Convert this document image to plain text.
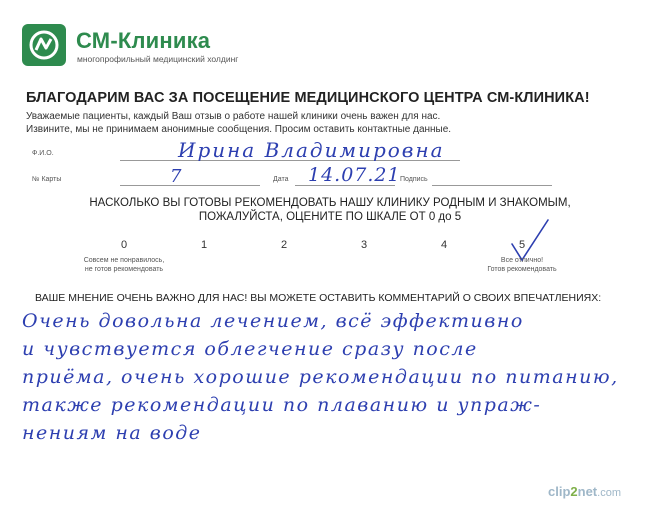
СМ-Клиника
многопрофильный медицинский холдинг
БЛАГОДАРИМ ВАС ЗА ПОСЕЩЕНИЕ МЕДИЦИНСКОГО ЦЕНТРА СМ-КЛИНИКА!
Уважаемые пациенты, каждый Ваш отзыв о работе нашей клиники очень важен для нас.
Извините, мы не принимаем анонимные сообщения. Просим оставить контактные данные.
Ф.И.О.	Ирина Владимировна
№ Карты	7	Дата 14.07.21 Подпись
НАСКОЛЬКО ВЫ ГОТОВЫ РЕКОМЕНДОВАТЬ НАШУ КЛИНИКУ РОДНЫМ И ЗНАКОМЫМ,
ПОЖАЛУЙСТА, ОЦЕНИТЕ ПО ШКАЛЕ ОТ 0 до 5
0	1	2	3	4	5
Совсем не понравилось,
не готов рекомендовать
Все отлично!
Готов рекомендовать
ВАШЕ МНЕНИЕ ОЧЕНЬ ВАЖНО ДЛЯ НАС! ВЫ МОЖЕТЕ ОСТАВИТЬ КОММЕНТАРИЙ О СВОИХ ВПЕЧАТЛЕНИЯХ:
Очень довольна лечением, всё эффективно
и чувствуется облегчение сразу после
приёма, очень хорошие рекомендации по питанию,
также рекомендации по плаванию и упраж-
нениям на воде
clip2net.com
